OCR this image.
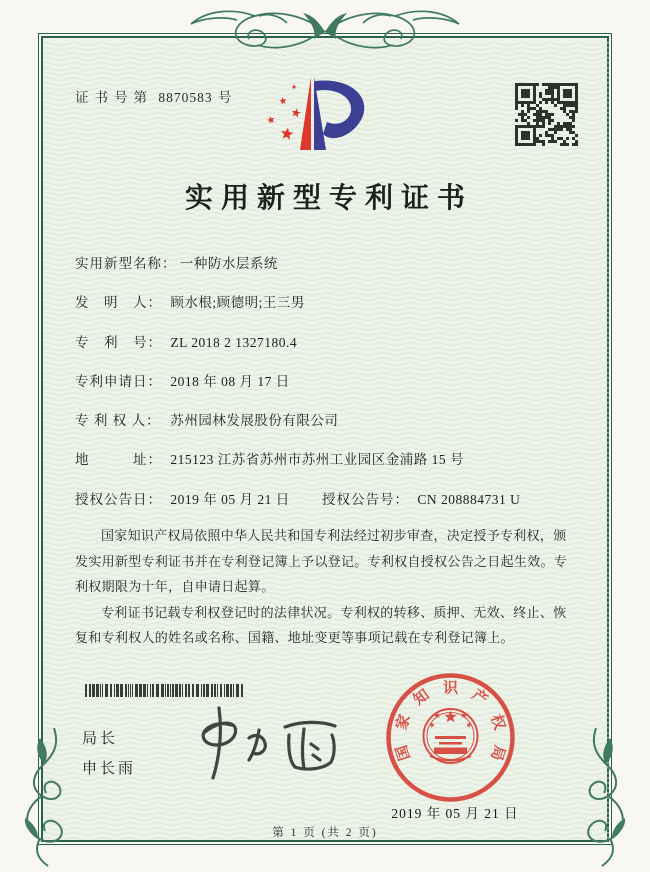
证书号第 8870583 号
实用新型专利证书
实用新型名称： 一种防水层系统
发　明　人： 顾水根;顾德明;王三男
专　利　号： ZL 2018 2 1327180.4
专利申请日： 2018 年 08 月 17 日
专 利 权 人： 苏州园林发展股份有限公司
地　　　址： 215123 江苏省苏州市苏州工业园区金浦路 15 号
授权公告日： 2019 年 05 月 21 日 授权公告号： CN 208884731 U

国家知识产权局依照中华人民共和国专利法经过初步审查，决定授予专利权，颁发实用新型专利证书并在专利登记簿上予以登记。专利权自授权公告之日起生效。专利权期限为十年，自申请日起算。

专利证书记载专利权登记时的法律状况。专利权的转移、质押、无效、终止、恢复和专利权人的姓名或名称、国籍、地址变更等事项记载在专利登记簿上。

局长
申长雨
国
家
知 识 产
权
局
2019 年 05 月 21 日
第 1 页 (共 2 页)
